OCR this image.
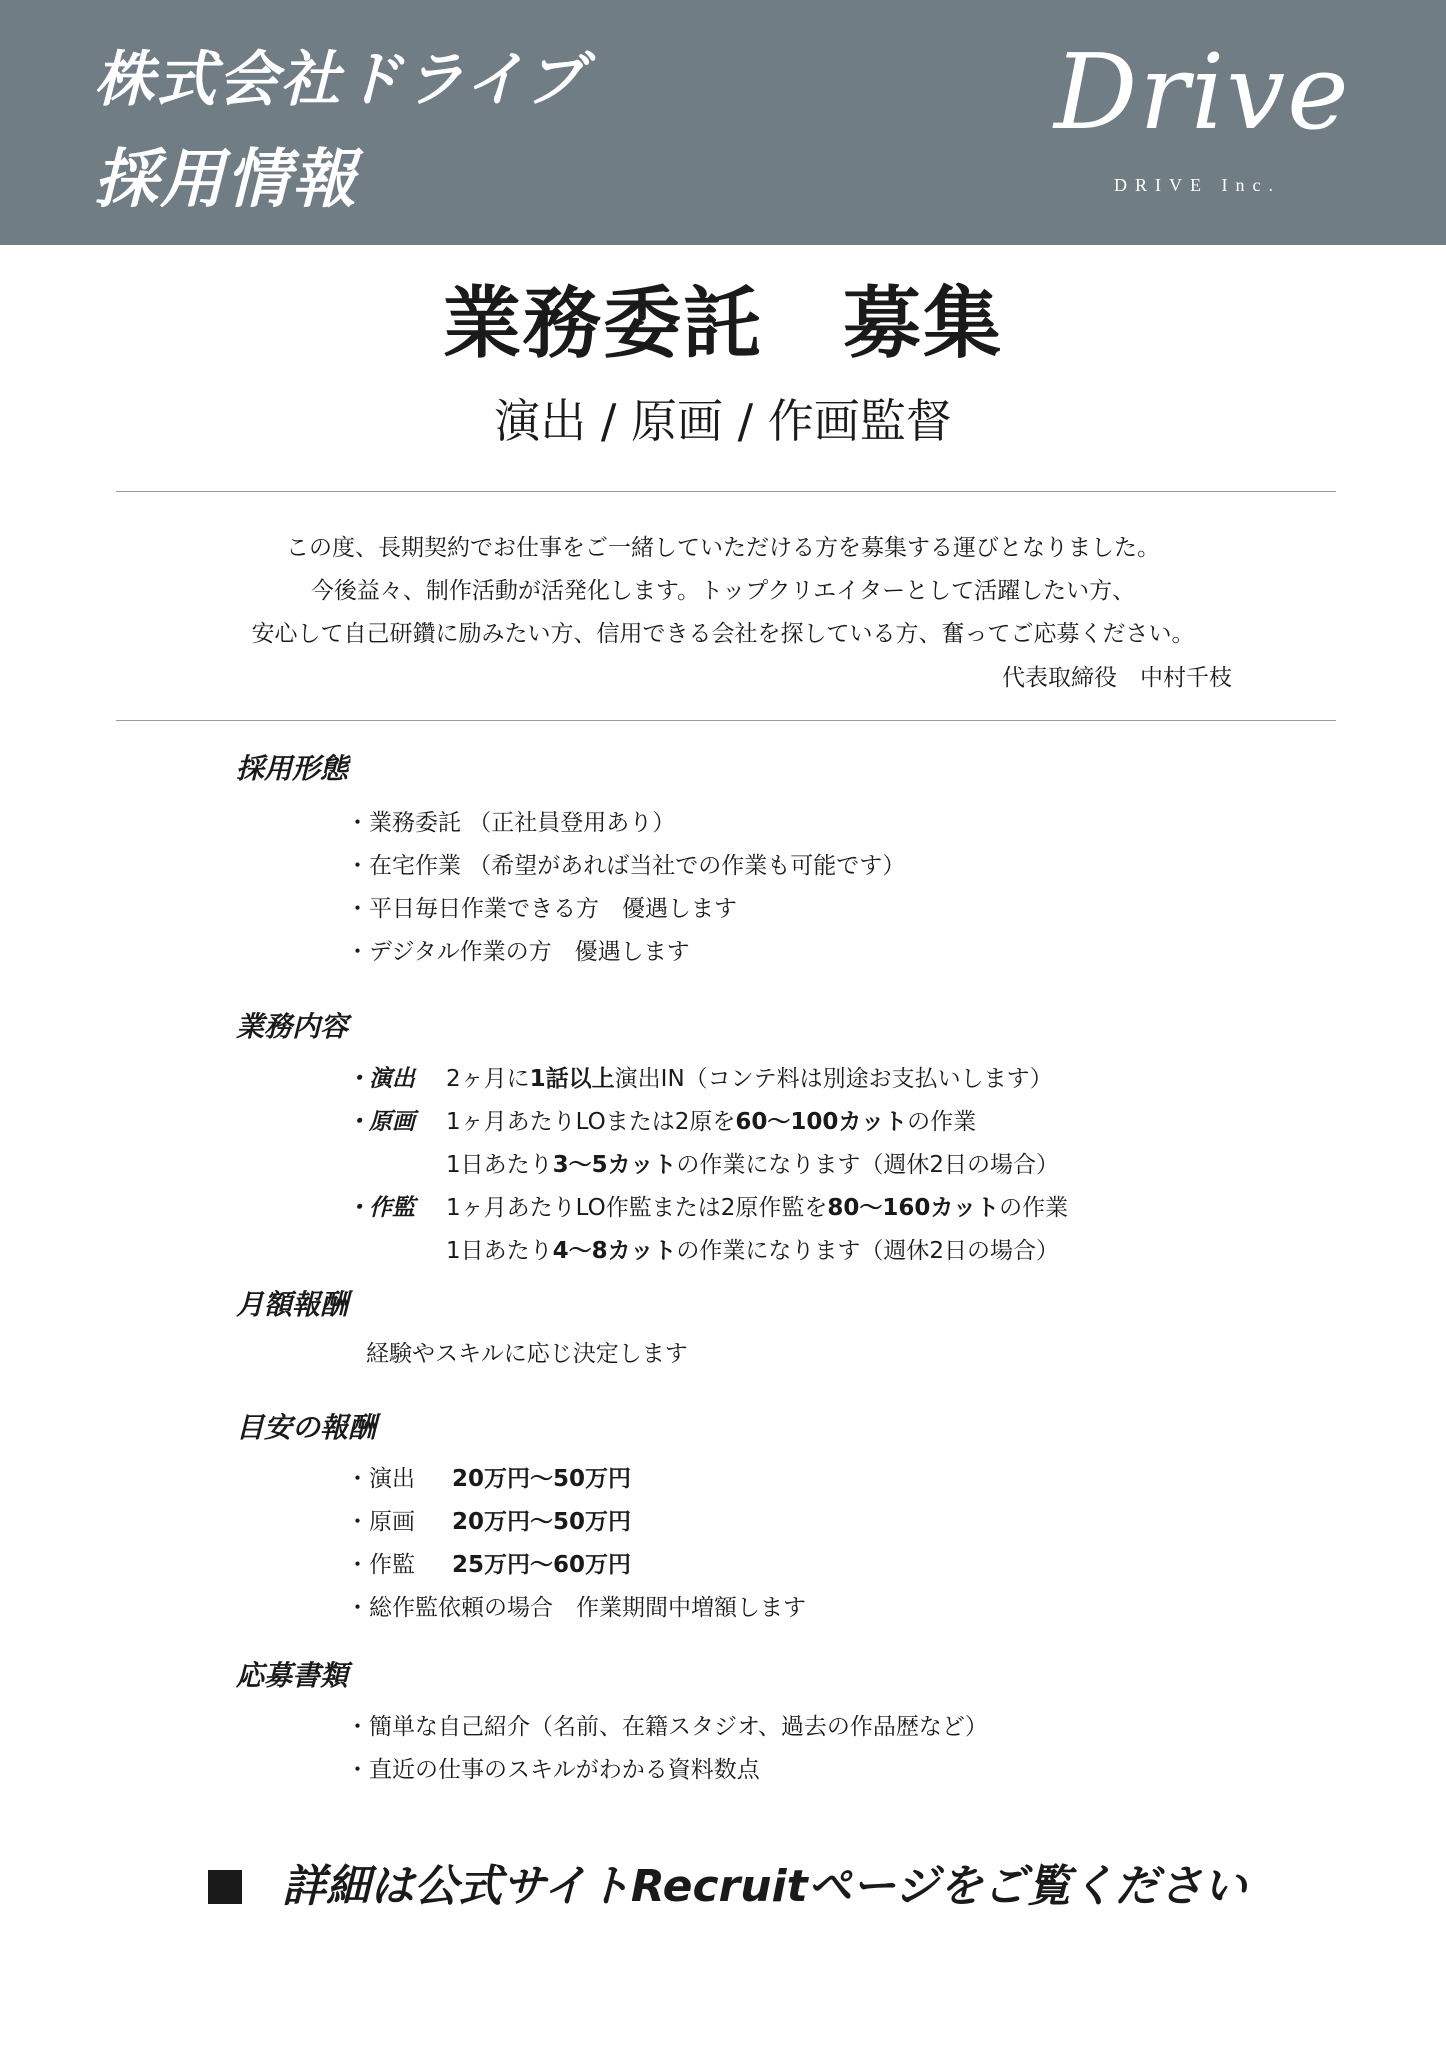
株式会社ドライブ
採用情報
Drive
DRIVE Inc.
業務委託　募集
演出 / 原画 / 作画監督
この度、長期契約でお仕事をご一緒していただける方を募集する運びとなりました。
今後益々、制作活動が活発化します。トップクリエイターとして活躍したい方、
安心して自己研鑽に励みたい方、信用できる会社を探している方、奮ってご応募ください。
代表取締役　中村千枝
採用形態
・業務委託 （正社員登用あり）
・在宅作業 （希望があれば当社での作業も可能です）
・平日毎日作業できる方　優遇します
・デジタル作業の方　優遇します
業務内容
・演出	2ヶ月に1話以上演出IN（コンテ料は別途お支払いします）
・原画	1ヶ月あたりLOまたは2原を60～100カットの作業
1日あたり3～5カットの作業になります（週休2日の場合）
・作監	1ヶ月あたりLO作監または2原作監を80～160カットの作業
1日あたり4～8カットの作業になります（週休2日の場合）
月額報酬
経験やスキルに応じ決定します
目安の報酬
・演出	20万円～50万円
・原画	20万円～50万円
・作監	25万円～60万円
・総作監依頼の場合　作業期間中増額します
応募書類
・簡単な自己紹介（名前、在籍スタジオ、過去の作品歴など）
・直近の仕事のスキルがわかる資料数点
詳細は公式サイトRecruitページをご覧ください
